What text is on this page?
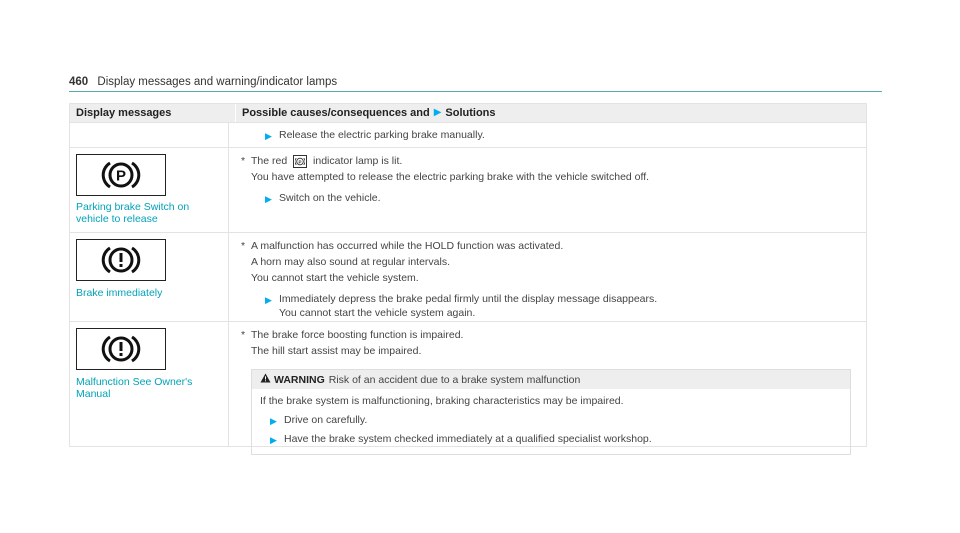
460 Display messages and warning/indicator lamps
Display messages	Possible causes/consequences and ▶ Solutions
▶ Release the electric parking brake manually.
P
Parking brake Switch on
vehicle to release
* The red	P indicator lamp is lit.
You have attempted to release the electric parking brake with the vehicle switched off.
▶ Switch on the vehicle.
Brake immediately
* A malfunction has occurred while the HOLD function was activated.
A horn may also sound at regular intervals.
You cannot start the vehicle system.
▶ Immediately depress the brake pedal firmly until the display message disappears.
You cannot start the vehicle system again.
Malfunction See Owner's
Manual
* The brake force boosting function is impaired.
The hill start assist may be impaired.
WARNING Risk of an accident due to a brake system malfunction
If the brake system is malfunctioning, braking characteristics may be impaired.
▶ Drive on carefully.
▶ Have the brake system checked immediately at a qualified specialist workshop.
